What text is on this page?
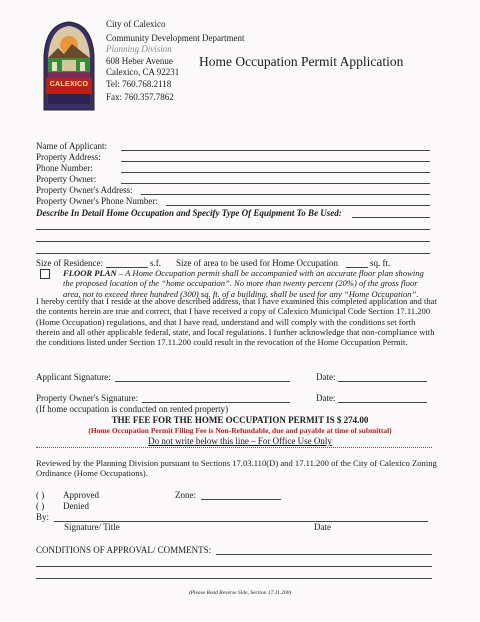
CALEXICO
City of Calexico
Community Development Department
Planning Division
608 Heber Avenue
Calexico, CA 92231
Tel: 760.768.2118
Fax: 760.357.7862
Home Occupation Permit Application
Name of Applicant:
Property Address:
Phone Number:
Property Owner:
Property Owner's Address:
Property Owner's Phone Number:
Describe In Detail Home Occupation and Specify Type Of Equipment To Be Used:
Size of Residence:	s.f. Size of area to be used for Home Occupation	sq. ft.
FLOOR PLAN – A Home Occupation permit shall be accompanied with an accurate floor plan showing the proposed location of the “home occupation”. No more than twenty percent (20%) of the gross floor area, not to exceed three hundred (300) sq. ft. of a building, shall be used for any “Home Occupation”.
I hereby certify that I reside at the above described address, that I have examined this completed application and that the contents herein are true and correct, that I have received a copy of Calexico Municipal Code Section 17.11.200 (Home Occupation) regulations, and that I have read, understand and will comply with the conditions set forth therein and all other applicable federal, state, and local regulations. I further acknowledge that non-compliance with the conditions listed under Section 17.11.200 could result in the revocation of the Home Occupation Permit.
Applicant Signature:	Date:
Property Owner's Signature:	Date:
(If home occupation is conducted on rented property)
THE FEE FOR THE HOME OCCUPATION PERMIT IS $ 274.00
(Home Occupation Permit Filing Fee is Non-Refundable, due and payable at time of submittal)
Do not write below this line – For Office Use Only
Reviewed by the Planning Division pursuant to Sections 17.03.110(D) and 17.11.200 of the City of Calexico Zoning Ordinance (Home Occupations).
( ) Approved	Zone:
( ) Denied
By:
Signature/ Title	Date
CONDITIONS OF APPROVAL/ COMMENTS:
(Please Read Reverse Side, Section 17.11.200)
